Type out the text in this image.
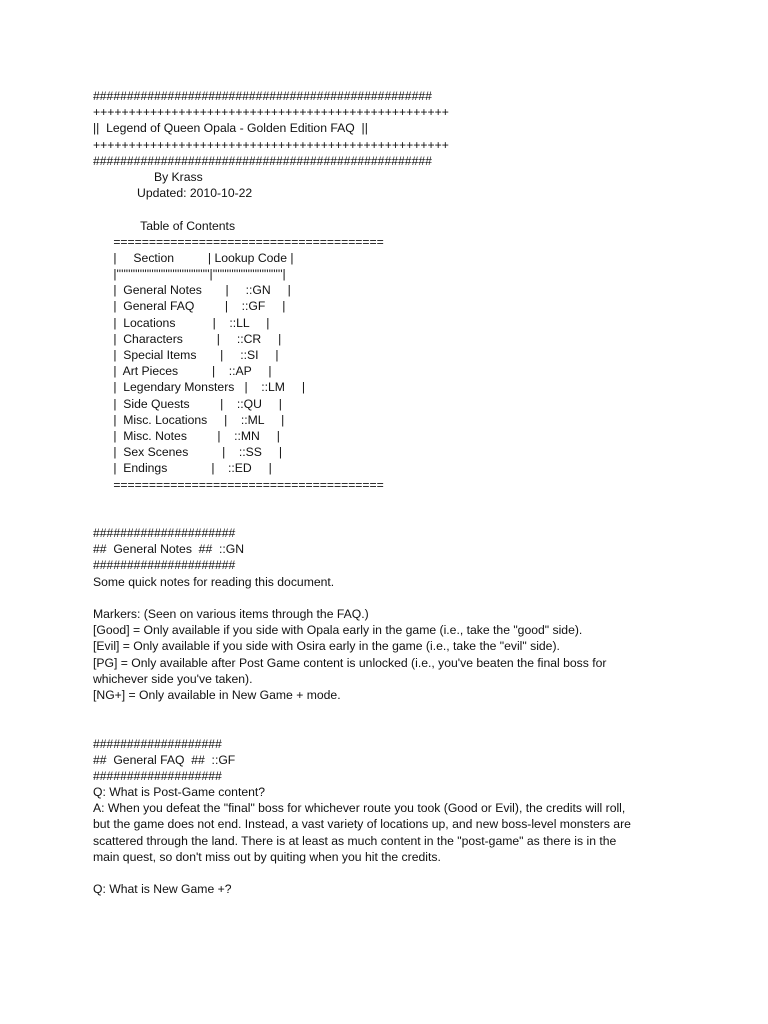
##################################################
++++++++++++++++++++++++++++++++++++++++++++++++++
||  Legend of Queen Opala - Golden Edition FAQ  ||
++++++++++++++++++++++++++++++++++++++++++++++++++
##################################################
By Krass
Updated: 2010-10-22
Table of Contents
======================================
|     Section          | Lookup Code |
|''''''''''''''''''''''''''''''''''''''''|''''''''''''''''''''''''''''''|
|  General Notes       |     ::GN     |
|  General FAQ         |    ::GF     |
|  Locations           |    ::LL     |
|  Characters          |     ::CR     |
|  Special Items       |     ::SI     |
|  Art Pieces          |    ::AP     |
|  Legendary Monsters   |    ::LM     |
|  Side Quests         |    ::QU     |
|  Misc. Locations     |    ::ML     |
|  Misc. Notes         |    ::MN     |
|  Sex Scenes          |    ::SS     |
|  Endings             |    ::ED     |
======================================
#####################
##  General Notes  ##  ::GN
#####################
Some quick notes for reading this document.
Markers: (Seen on various items through the FAQ.)
[Good] = Only available if you side with Opala early in the game (i.e., take the "good" side).
[Evil] = Only available if you side with Osira early in the game (i.e., take the "evil" side).
[PG] = Only available after Post Game content is unlocked (i.e., you've beaten the final boss for
whichever side you've taken).
[NG+] = Only available in New Game + mode.
###################
##  General FAQ  ##  ::GF
###################
Q: What is Post-Game content?
A: When you defeat the "final" boss for whichever route you took (Good or Evil), the credits will roll,
but the game does not end. Instead, a vast variety of locations up, and new boss-level monsters are
scattered through the land. There is at least as much content in the "post-game" as there is in the
main quest, so don't miss out by quiting when you hit the credits.
Q: What is New Game +?
